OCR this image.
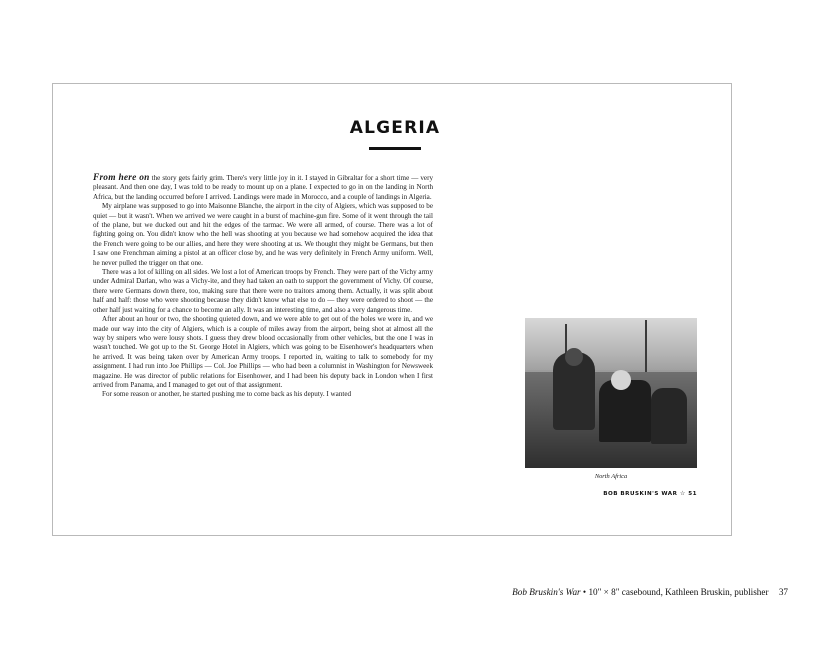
ALGERIA

From here on the story gets fairly grim. There's very little joy in it. I stayed in Gibraltar for a short time — very pleasant. And then one day, I was told to be ready to mount up on a plane. I expected to go in on the landing in North Africa, but the landing occurred before I arrived. Landings were made in Morocco, and a couple of landings in Algeria.

My airplane was supposed to go into Maisonne Blanche, the airport in the city of Algiers, which was supposed to be quiet — but it wasn't. When we arrived we were caught in a burst of machine-gun fire. Some of it went through the tail of the plane, but we ducked out and hit the edges of the tarmac. We were all armed, of course. There was a lot of fighting going on. You didn't know who the hell was shooting at you because we had somehow acquired the idea that the French were going to be our allies, and here they were shooting at us. We thought they might be Germans, but then I saw one Frenchman aiming a pistol at an officer close by, and he was very definitely in French Army uniform. Well, he never pulled the trigger on that one.

There was a lot of killing on all sides. We lost a lot of American troops by French. They were part of the Vichy army under Admiral Darlan, who was a Vichy-ite, and they had taken an oath to support the government of Vichy. Of course, there were Germans down there, too, making sure that there were no traitors among them. Actually, it was split about half and half: those who were shooting because they didn't know what else to do — they were ordered to shoot — the other half just waiting for a chance to become an ally. It was an interesting time, and also a very dangerous time.

After about an hour or two, the shooting quieted down, and we were able to get out of the holes we were in, and we made our way into the city of Algiers, which is a couple of miles away from the airport, being shot at almost all the way by snipers who were lousy shots. I guess they drew blood occasionally from other vehicles, but the one I was in wasn't touched. We got up to the St. George Hotel in Algiers, which was going to be Eisenhower's headquarters when he arrived. It was being taken over by American Army troops. I reported in, waiting to talk to somebody for my assignment. I had run into Joe Phillips — Col. Joe Phillips — who had been a columnist in Washington for Newsweek magazine. He was director of public relations for Eisenhower, and I had been his deputy back in London when I first arrived from Panama, and I managed to get out of that assignment.

For some reason or another, he started pushing me to come back as his deputy. I wanted

North Africa
BOB BRUSKIN'S WAR ☆ 51
Bob Bruskin's War • 10" × 8" casebound, Kathleen Bruskin, publisher 37
